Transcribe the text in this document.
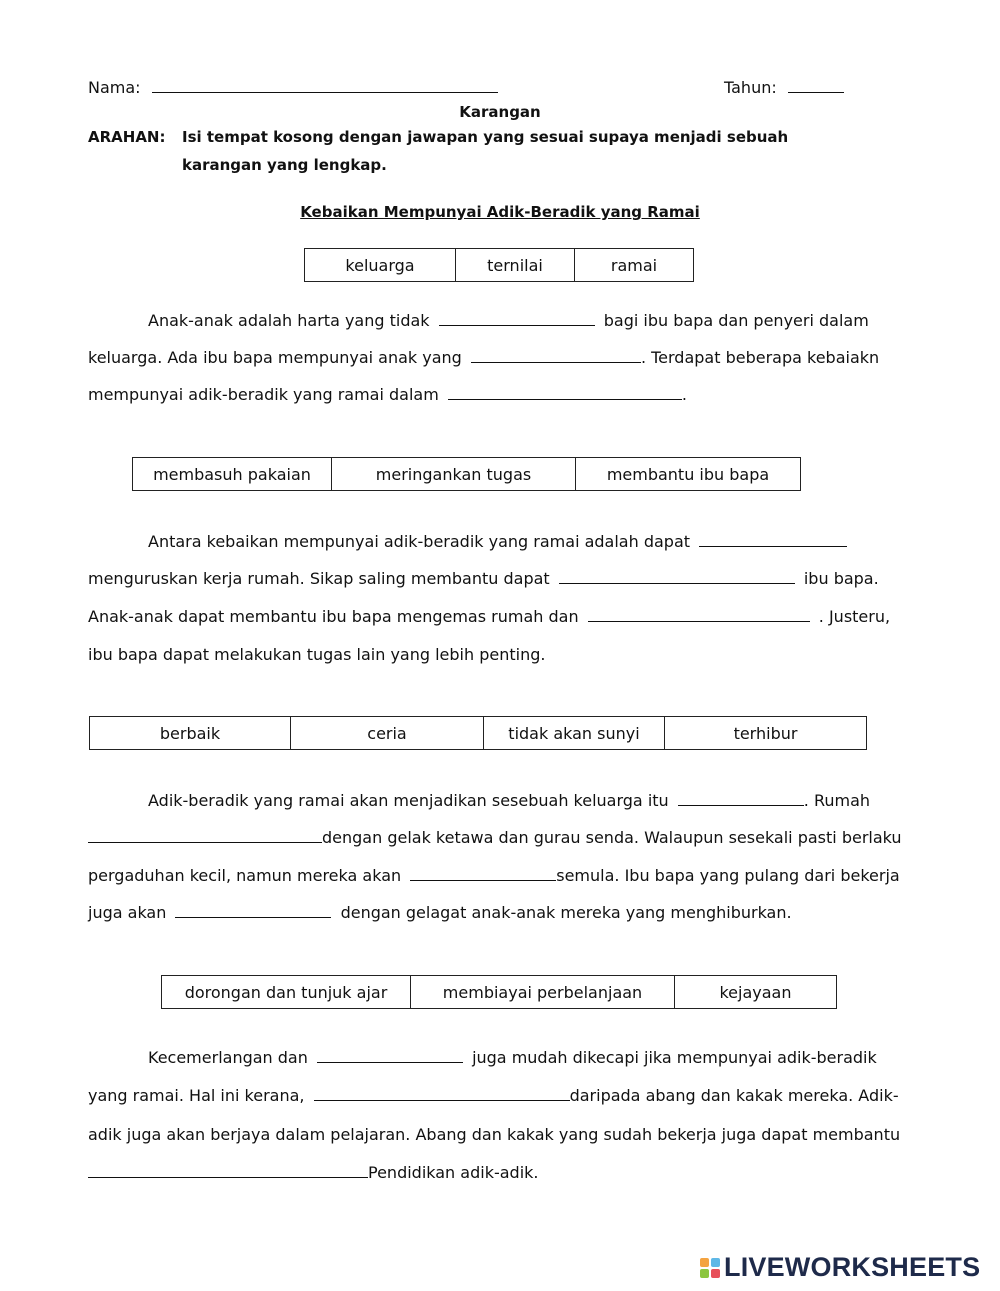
Nama:	Tahun:
Karangan
ARAHAN: Isi tempat kosong dengan jawapan yang sesuai supaya menjadi sebuah
karangan yang lengkap.
Kebaikan Mempunyai Adik-Beradik yang Ramai
keluarga	ternilai	ramai
Anak-anak adalah harta yang tidak	bagi ibu bapa dan penyeri dalam
keluarga. Ada ibu bapa mempunyai anak yang	. Terdapat beberapa kebaiakn
mempunyai adik-beradik yang ramai dalam	.
membasuh pakaian	meringankan tugas	membantu ibu bapa
Antara kebaikan mempunyai adik-beradik yang ramai adalah dapat
menguruskan kerja rumah. Sikap saling membantu dapat	ibu bapa.
Anak-anak dapat membantu ibu bapa mengemas rumah dan	. Justeru,
ibu bapa dapat melakukan tugas lain yang lebih penting.
berbaik	ceria	tidak akan sunyi	terhibur
Adik-beradik yang ramai akan menjadikan sesebuah keluarga itu	. Rumah
dengan gelak ketawa dan gurau senda. Walaupun sesekali pasti berlaku
pergaduhan kecil, namun mereka akan	semula. Ibu bapa yang pulang dari bekerja
juga akan	dengan gelagat anak-anak mereka yang menghiburkan.
dorongan dan tunjuk ajar	membiayai perbelanjaan	kejayaan
Kecemerlangan dan	juga mudah dikecapi jika mempunyai adik-beradik
yang ramai. Hal ini kerana,	daripada abang dan kakak mereka. Adik-
adik juga akan berjaya dalam pelajaran. Abang dan kakak yang sudah bekerja juga dapat membantu
Pendidikan adik-adik.
LIVEWORKSHEETS
